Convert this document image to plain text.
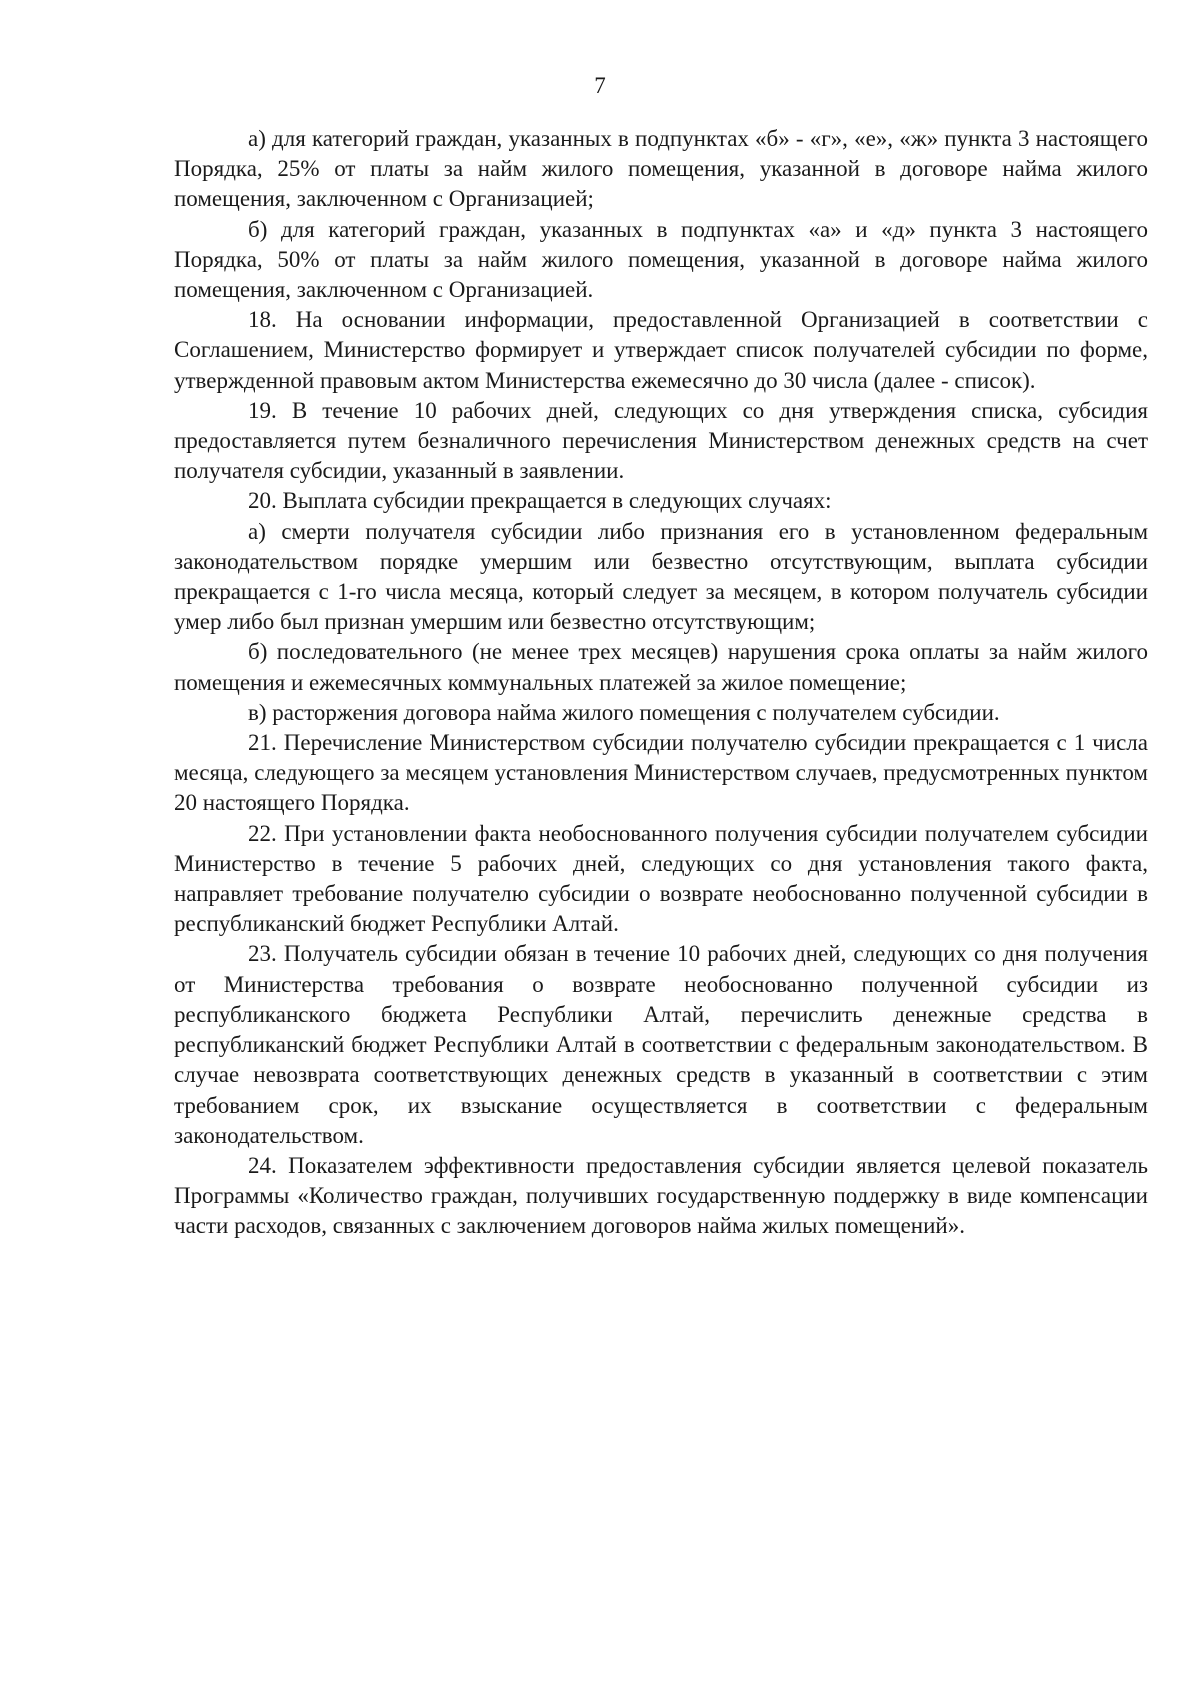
7

а) для категорий граждан, указанных в подпунктах «б» - «г», «е», «ж» пункта 3 настоящего Порядка, 25% от платы за найм жилого помещения, указанной в договоре найма жилого помещения, заключенном с Организацией;

б) для категорий граждан, указанных в подпунктах «а» и «д» пункта 3 настоящего Порядка, 50% от платы за найм жилого помещения, указанной в договоре найма жилого помещения, заключенном с Организацией.

18. На основании информации, предоставленной Организацией в соответствии с Соглашением, Министерство формирует и утверждает список получателей субсидии по форме, утвержденной правовым актом Министерства ежемесячно до 30 числа (далее - список).

19. В течение 10 рабочих дней, следующих со дня утверждения списка, субсидия предоставляется путем безналичного перечисления Министерством денежных средств на счет получателя субсидии, указанный в заявлении.

20. Выплата субсидии прекращается в следующих случаях:

а) смерти получателя субсидии либо признания его в установленном федеральным законодательством порядке умершим или безвестно отсутствующим, выплата субсидии прекращается с 1-го числа месяца, который следует за месяцем, в котором получатель субсидии умер либо был признан умершим или безвестно отсутствующим;

б) последовательного (не менее трех месяцев) нарушения срока оплаты за найм жилого помещения и ежемесячных коммунальных платежей за жилое помещение;

в) расторжения договора найма жилого помещения с получателем субсидии.

21. Перечисление Министерством субсидии получателю субсидии прекращается с 1 числа месяца, следующего за месяцем установления Министерством случаев, предусмотренных пунктом 20 настоящего Порядка.

22. При установлении факта необоснованного получения субсидии получателем субсидии Министерство в течение 5 рабочих дней, следующих со дня установления такого факта, направляет требование получателю субсидии о возврате необоснованно полученной субсидии в республиканский бюджет Республики Алтай.

23. Получатель субсидии обязан в течение 10 рабочих дней, следующих со дня получения от Министерства требования о возврате необоснованно полученной субсидии из республиканского бюджета Республики Алтай, перечислить денежные средства в республиканский бюджет Республики Алтай в соответствии с федеральным законодательством. В случае невозврата соответствующих денежных средств в указанный в соответствии с этим требованием срок, их взыскание осуществляется в соответствии с федеральным законодательством.

24. Показателем эффективности предоставления субсидии является целевой показатель Программы «Количество граждан, получивших государственную поддержку в виде компенсации части расходов, связанных с заключением договоров найма жилых помещений».
